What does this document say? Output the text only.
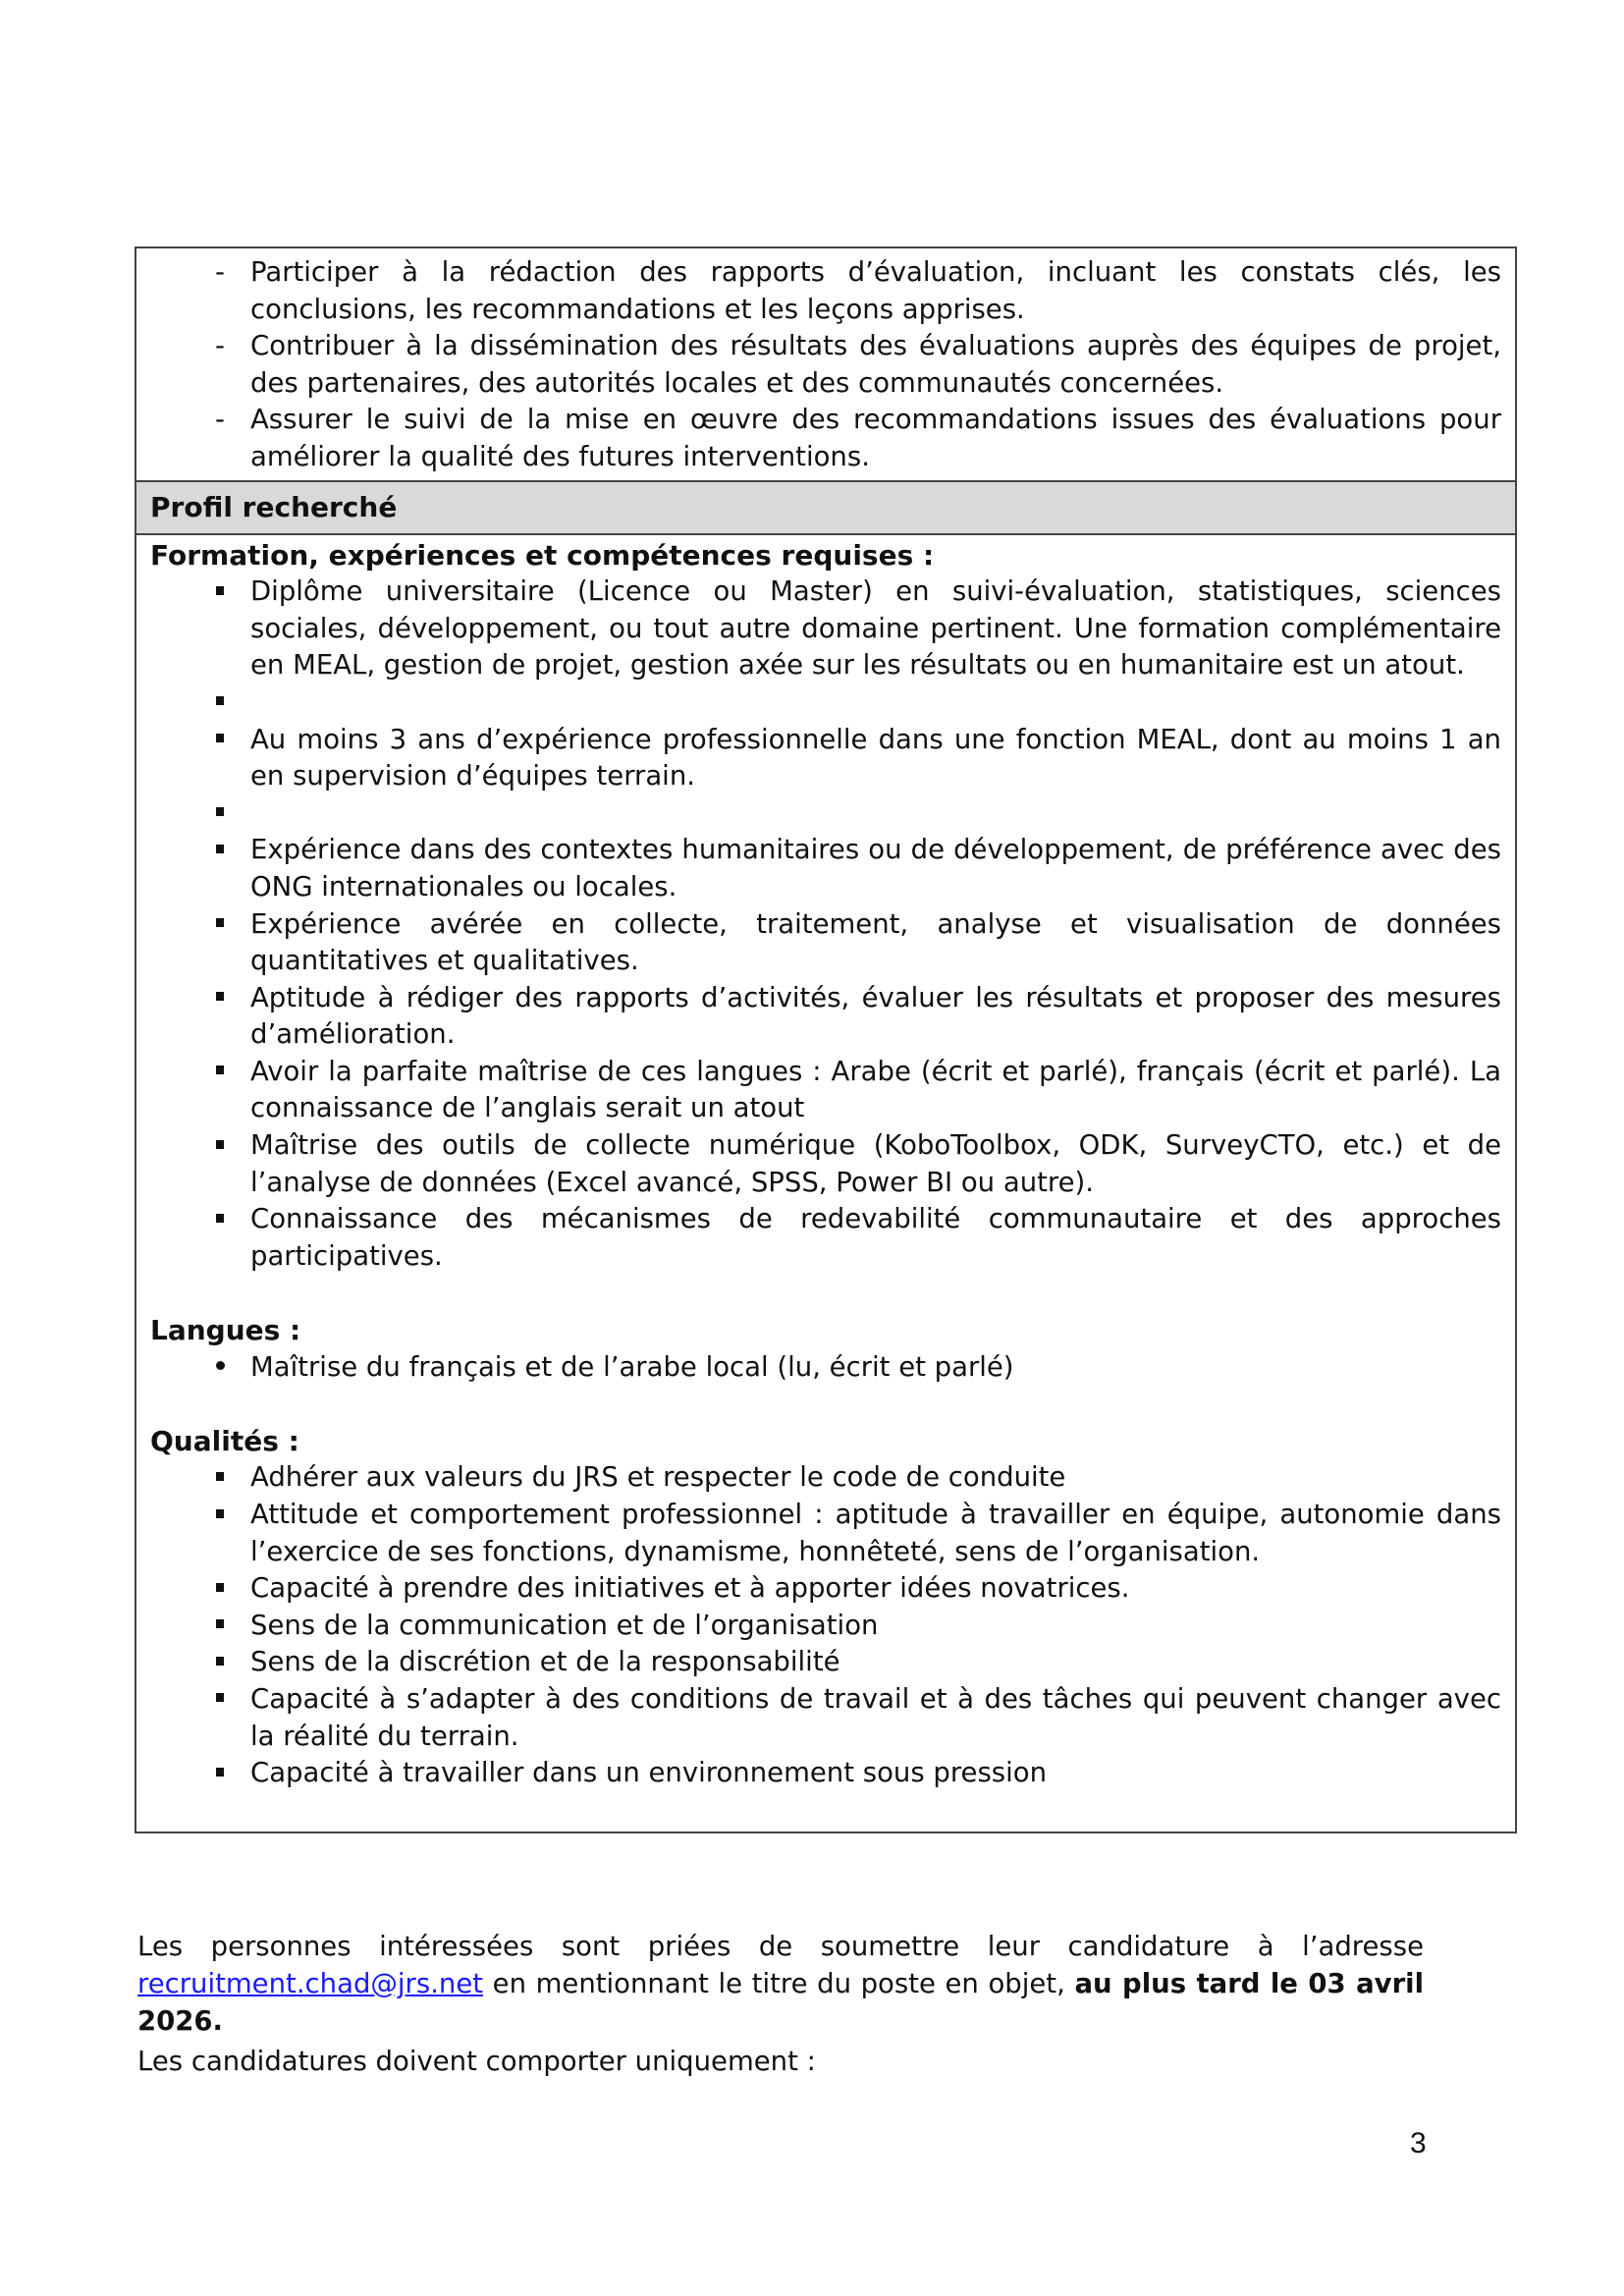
-
Participer à la rédaction des rapports d’évaluation, incluant les constats clés, les conclusions, les recommandations et les leçons apprises.
-
Contribuer à la dissémination des résultats des évaluations auprès des équipes de projet, des partenaires, des autorités locales et des communautés concernées.
-
Assurer le suivi de la mise en œuvre des recommandations issues des évaluations pour améliorer la qualité des futures interventions.
Profil recherché
Formation, expériences et compétences requises :
Diplôme universitaire (Licence ou Master) en suivi-évaluation, statistiques, sciences sociales, développement, ou tout autre domaine pertinent. Une formation complémentaire en MEAL, gestion de projet, gestion axée sur les résultats ou en humanitaire est un atout.
Au moins 3 ans d’expérience professionnelle dans une fonction MEAL, dont au moins 1 an en supervision d’équipes terrain.
Expérience dans des contextes humanitaires ou de développement, de préférence avec des ONG internationales ou locales.
Expérience avérée en collecte, traitement, analyse et visualisation de données quantitatives et qualitatives.
Aptitude à rédiger des rapports d’activités, évaluer les résultats et proposer des mesures d’amélioration.
Avoir la parfaite maîtrise de ces langues : Arabe (écrit et parlé), français (écrit et parlé). La connaissance de l’anglais serait un atout
Maîtrise des outils de collecte numérique (KoboToolbox, ODK, SurveyCTO, etc.) et de l’analyse de données (Excel avancé, SPSS, Power BI ou autre).
Connaissance des mécanismes de redevabilité communautaire et des approches participatives.
Langues :
Maîtrise du français et de l’arabe local (lu, écrit et parlé)
Qualités :
Adhérer aux valeurs du JRS et respecter le code de conduite
Attitude et comportement professionnel : aptitude à travailler en équipe, autonomie dans l’exercice de ses fonctions, dynamisme, honnêteté, sens de l’organisation.
Capacité à prendre des initiatives et à apporter idées novatrices.
Sens de la communication et de l’organisation
Sens de la discrétion et de la responsabilité
Capacité à s’adapter à des conditions de travail et à des tâches qui peuvent changer avec la réalité du terrain.
Capacité à travailler dans un environnement sous pression

Les personnes intéressées sont priées de soumettre leur candidature à l’adresse recruitment.chad@jrs.net en mentionnant le titre du poste en objet, au plus tard le 03 avril 2026.

Les candidatures doivent comporter uniquement :

3
